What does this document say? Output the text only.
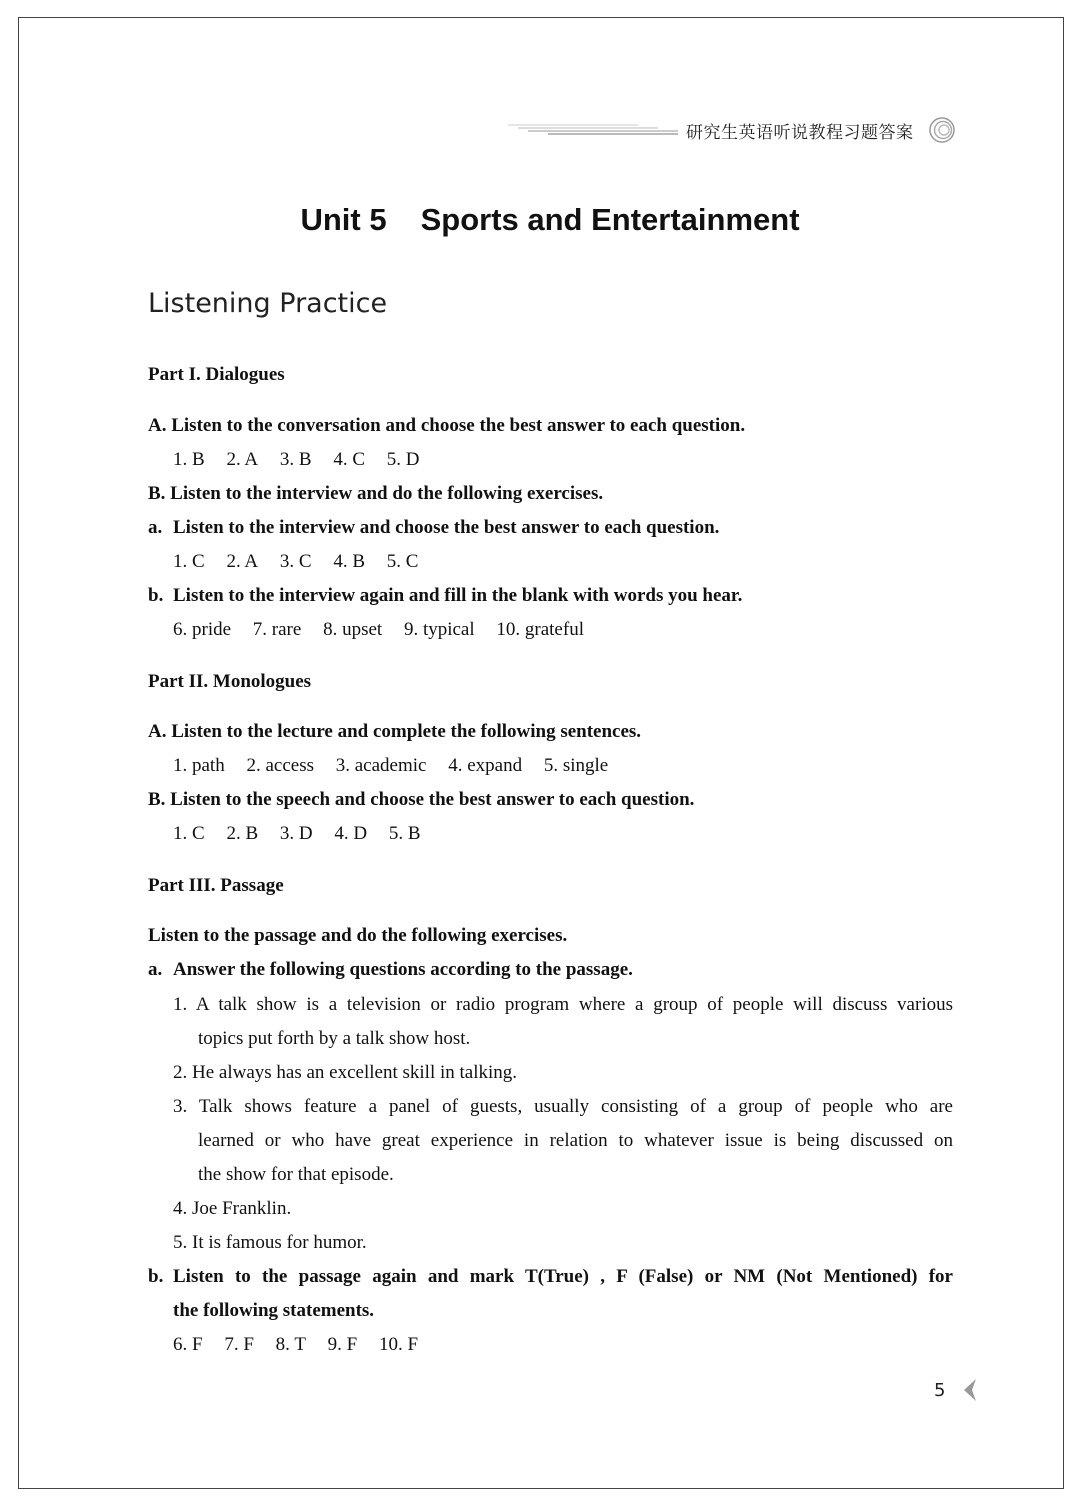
研究生英语听说教程习题答案
Unit 5 Sports and Entertainment
Listening Practice
Part I. Dialogues
A. Listen to the conversation and choose the best answer to each question.
1. B 2. A 3. B 4. C 5. D
B. Listen to the interview and do the following exercises.
a. Listen to the interview and choose the best answer to each question.
1. C 2. A 3. C 4. B 5. C
b. Listen to the interview again and fill in the blank with words you hear.
6. pride 7. rare 8. upset 9. typical 10. grateful
Part II. Monologues
A. Listen to the lecture and complete the following sentences.
1. path 2. access 3. academic 4. expand 5. single
B. Listen to the speech and choose the best answer to each question.
1. C 2. B 3. D 4. D 5. B
Part III. Passage
Listen to the passage and do the following exercises.
a. Answer the following questions according to the passage.
1. A talk show is a television or radio program where a group of people will discuss various
topics put forth by a talk show host.
2. He always has an excellent skill in talking.
3. Talk shows feature a panel of guests, usually consisting of a group of people who are
learned or who have great experience in relation to whatever issue is being discussed on
the show for that episode.
4. Joe Franklin.
5. It is famous for humor.
b. Listen to the passage again and mark T(True) , F (False) or NM (Not Mentioned) for
the following statements.
6. F 7. F 8. T 9. F 10. F
5
